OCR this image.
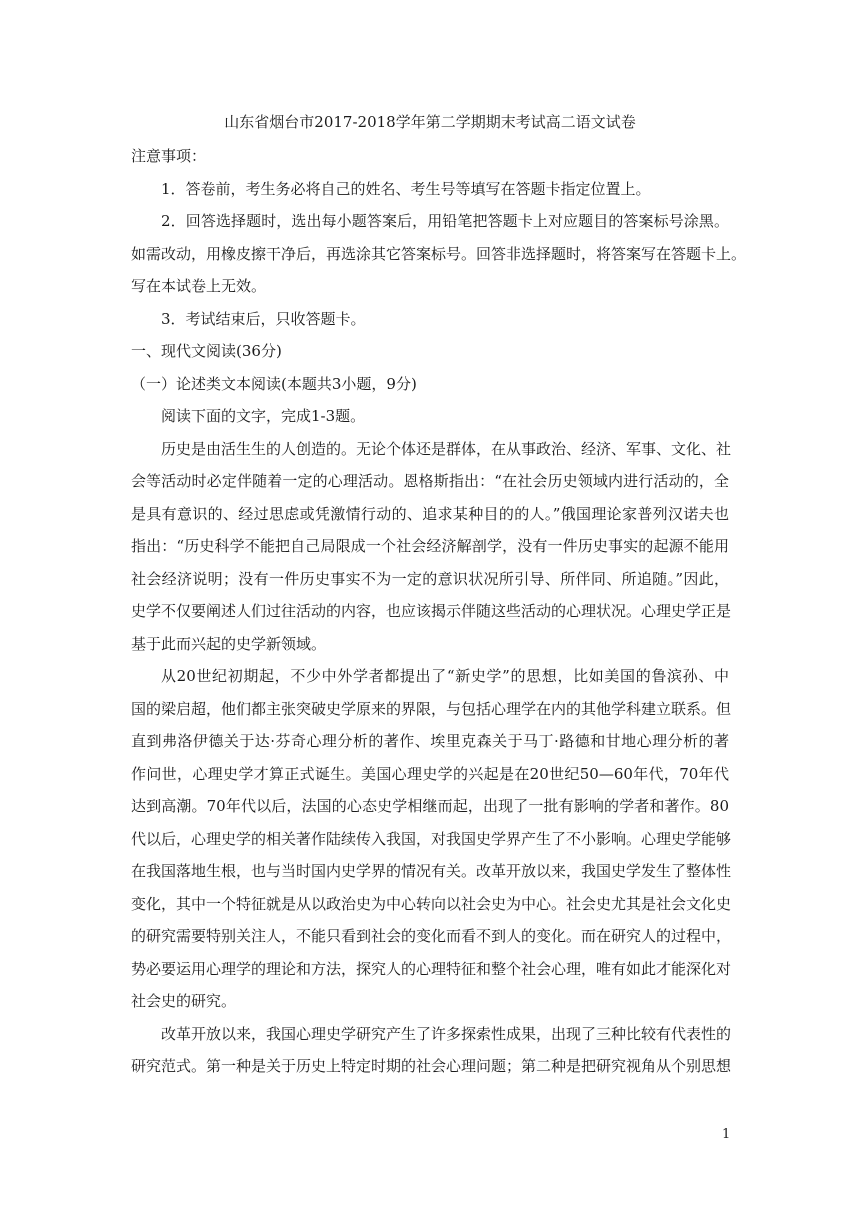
山东省烟台市2017-2018学年第二学期期末考试高二语文试卷
注意事项：
1．答卷前，考生务必将自己的姓名、考生号等填写在答题卡指定位置上。
2．回答选择题时，选出每小题答案后，用铅笔把答题卡上对应题目的答案标号涂黑。
如需改动，用橡皮擦干净后，再选涂其它答案标号。回答非选择题时，将答案写在答题卡上。
写在本试卷上无效。
3．考试结束后，只收答题卡。
一、现代文阅读(36分)
（一）论述类文本阅读(本题共3小题，9分)
阅读下面的文字，完成1-3题。
历史是由活生生的人创造的。无论个体还是群体，在从事政治、经济、军事、文化、社
会等活动时必定伴随着一定的心理活动。恩格斯指出：“在社会历史领域内进行活动的，全
是具有意识的、经过思虑或凭激情行动的、追求某种目的的人。”俄国理论家普列汉诺夫也
指出：“历史科学不能把自己局限成一个社会经济解剖学，没有一件历史事实的起源不能用
社会经济说明；没有一件历史事实不为一定的意识状况所引导、所伴同、所追随。”因此，
史学不仅要阐述人们过往活动的内容，也应该揭示伴随这些活动的心理状况。心理史学正是
基于此而兴起的史学新领域。
从20世纪初期起，不少中外学者都提出了“新史学”的思想，比如美国的鲁滨孙、中
国的梁启超，他们都主张突破史学原来的界限，与包括心理学在内的其他学科建立联系。但
直到弗洛伊德关于达·芬奇心理分析的著作、埃里克森关于马丁·路德和甘地心理分析的著
作问世，心理史学才算正式诞生。美国心理史学的兴起是在20世纪50—60年代，70年代
达到高潮。70年代以后，法国的心态史学相继而起，出现了一批有影响的学者和著作。80
代以后，心理史学的相关著作陆续传入我国，对我国史学界产生了不小影响。心理史学能够
在我国落地生根，也与当时国内史学界的情况有关。改革开放以来，我国史学发生了整体性
变化，其中一个特征就是从以政治史为中心转向以社会史为中心。社会史尤其是社会文化史
的研究需要特别关注人，不能只看到社会的变化而看不到人的变化。而在研究人的过程中，
势必要运用心理学的理论和方法，探究人的心理特征和整个社会心理，唯有如此才能深化对
社会史的研究。
改革开放以来，我国心理史学研究产生了许多探索性成果，出现了三种比较有代表性的
研究范式。第一种是关于历史上特定时期的社会心理问题；第二种是把研究视角从个别思想
1
